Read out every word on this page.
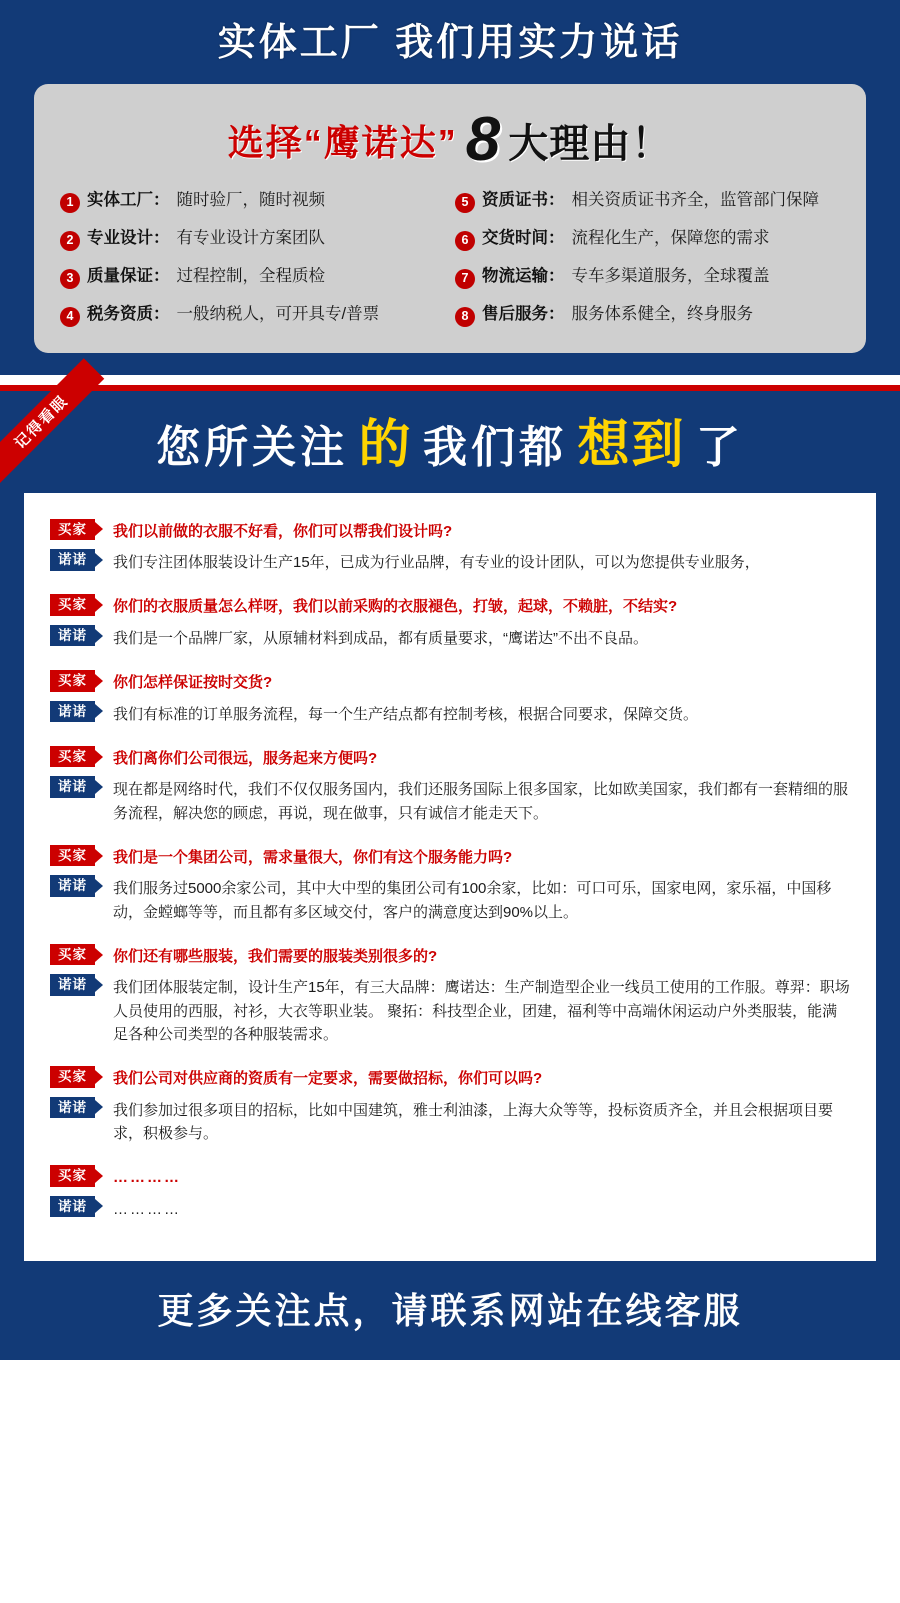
实体工厂 我们用实力说话
选择“鹰诺达” 8 大理由！
1 实体工厂： 随时验厂，随时视频	5 资质证书： 相关资质证书齐全，监管部门保障
2 专业设计： 有专业设计方案团队	6 交货时间： 流程化生产，保障您的需求
3 质量保证： 过程控制，全程质检	7 物流运输： 专车多渠道服务，全球覆盖
4 税务资质： 一般纳税人，可开具专/普票	8 售后服务： 服务体系健全，终身服务
记得看眼	您所关注 的 我们都 想到 了
买家	我们以前做的衣服不好看，你们可以帮我们设计吗?
诺诺	我们专注团体服装设计生产15年，已成为行业品牌，有专业的设计团队，可以为您提供专业服务，
买家	你们的衣服质量怎么样呀，我们以前采购的衣服褪色，打皱，起球，不赖脏，不结实?
诺诺	我们是一个品牌厂家，从原辅材料到成品，都有质量要求，“鹰诺达”不出不良品。
买家	你们怎样保证按时交货?
诺诺	我们有标准的订单服务流程，每一个生产结点都有控制考核，根据合同要求，保障交货。
买家	我们离你们公司很远，服务起来方便吗?
诺诺	现在都是网络时代，我们不仅仅服务国内，我们还服务国际上很多国家，比如欧美国家，我们都有一套精细的服务流程，解决您的顾虑，再说，现在做事，只有诚信才能走天下。
买家	我们是一个集团公司，需求量很大，你们有这个服务能力吗?
诺诺	我们服务过5000余家公司，其中大中型的集团公司有100余家，比如：可口可乐，国家电网，家乐福，中国移动，金螳螂等等，而且都有多区域交付，客户的满意度达到90%以上。
买家	你们还有哪些服装，我们需要的服装类别很多的?
诺诺	我们团体服装定制，设计生产15年，有三大品牌：鹰诺达：生产制造型企业一线员工使用的工作服。尊羿：职场人员使用的西服，衬衫，大衣等职业装。 聚拓：科技型企业，团建，福利等中高端休闲运动户外类服装，能满足各种公司类型的各种服装需求。
买家	我们公司对供应商的资质有一定要求，需要做招标，你们可以吗?
诺诺	我们参加过很多项目的招标，比如中国建筑，雅士利油漆，上海大众等等，投标资质齐全，并且会根据项目要求，积极参与。
买家	…………
诺诺	…………
更多关注点，请联系网站在线客服
